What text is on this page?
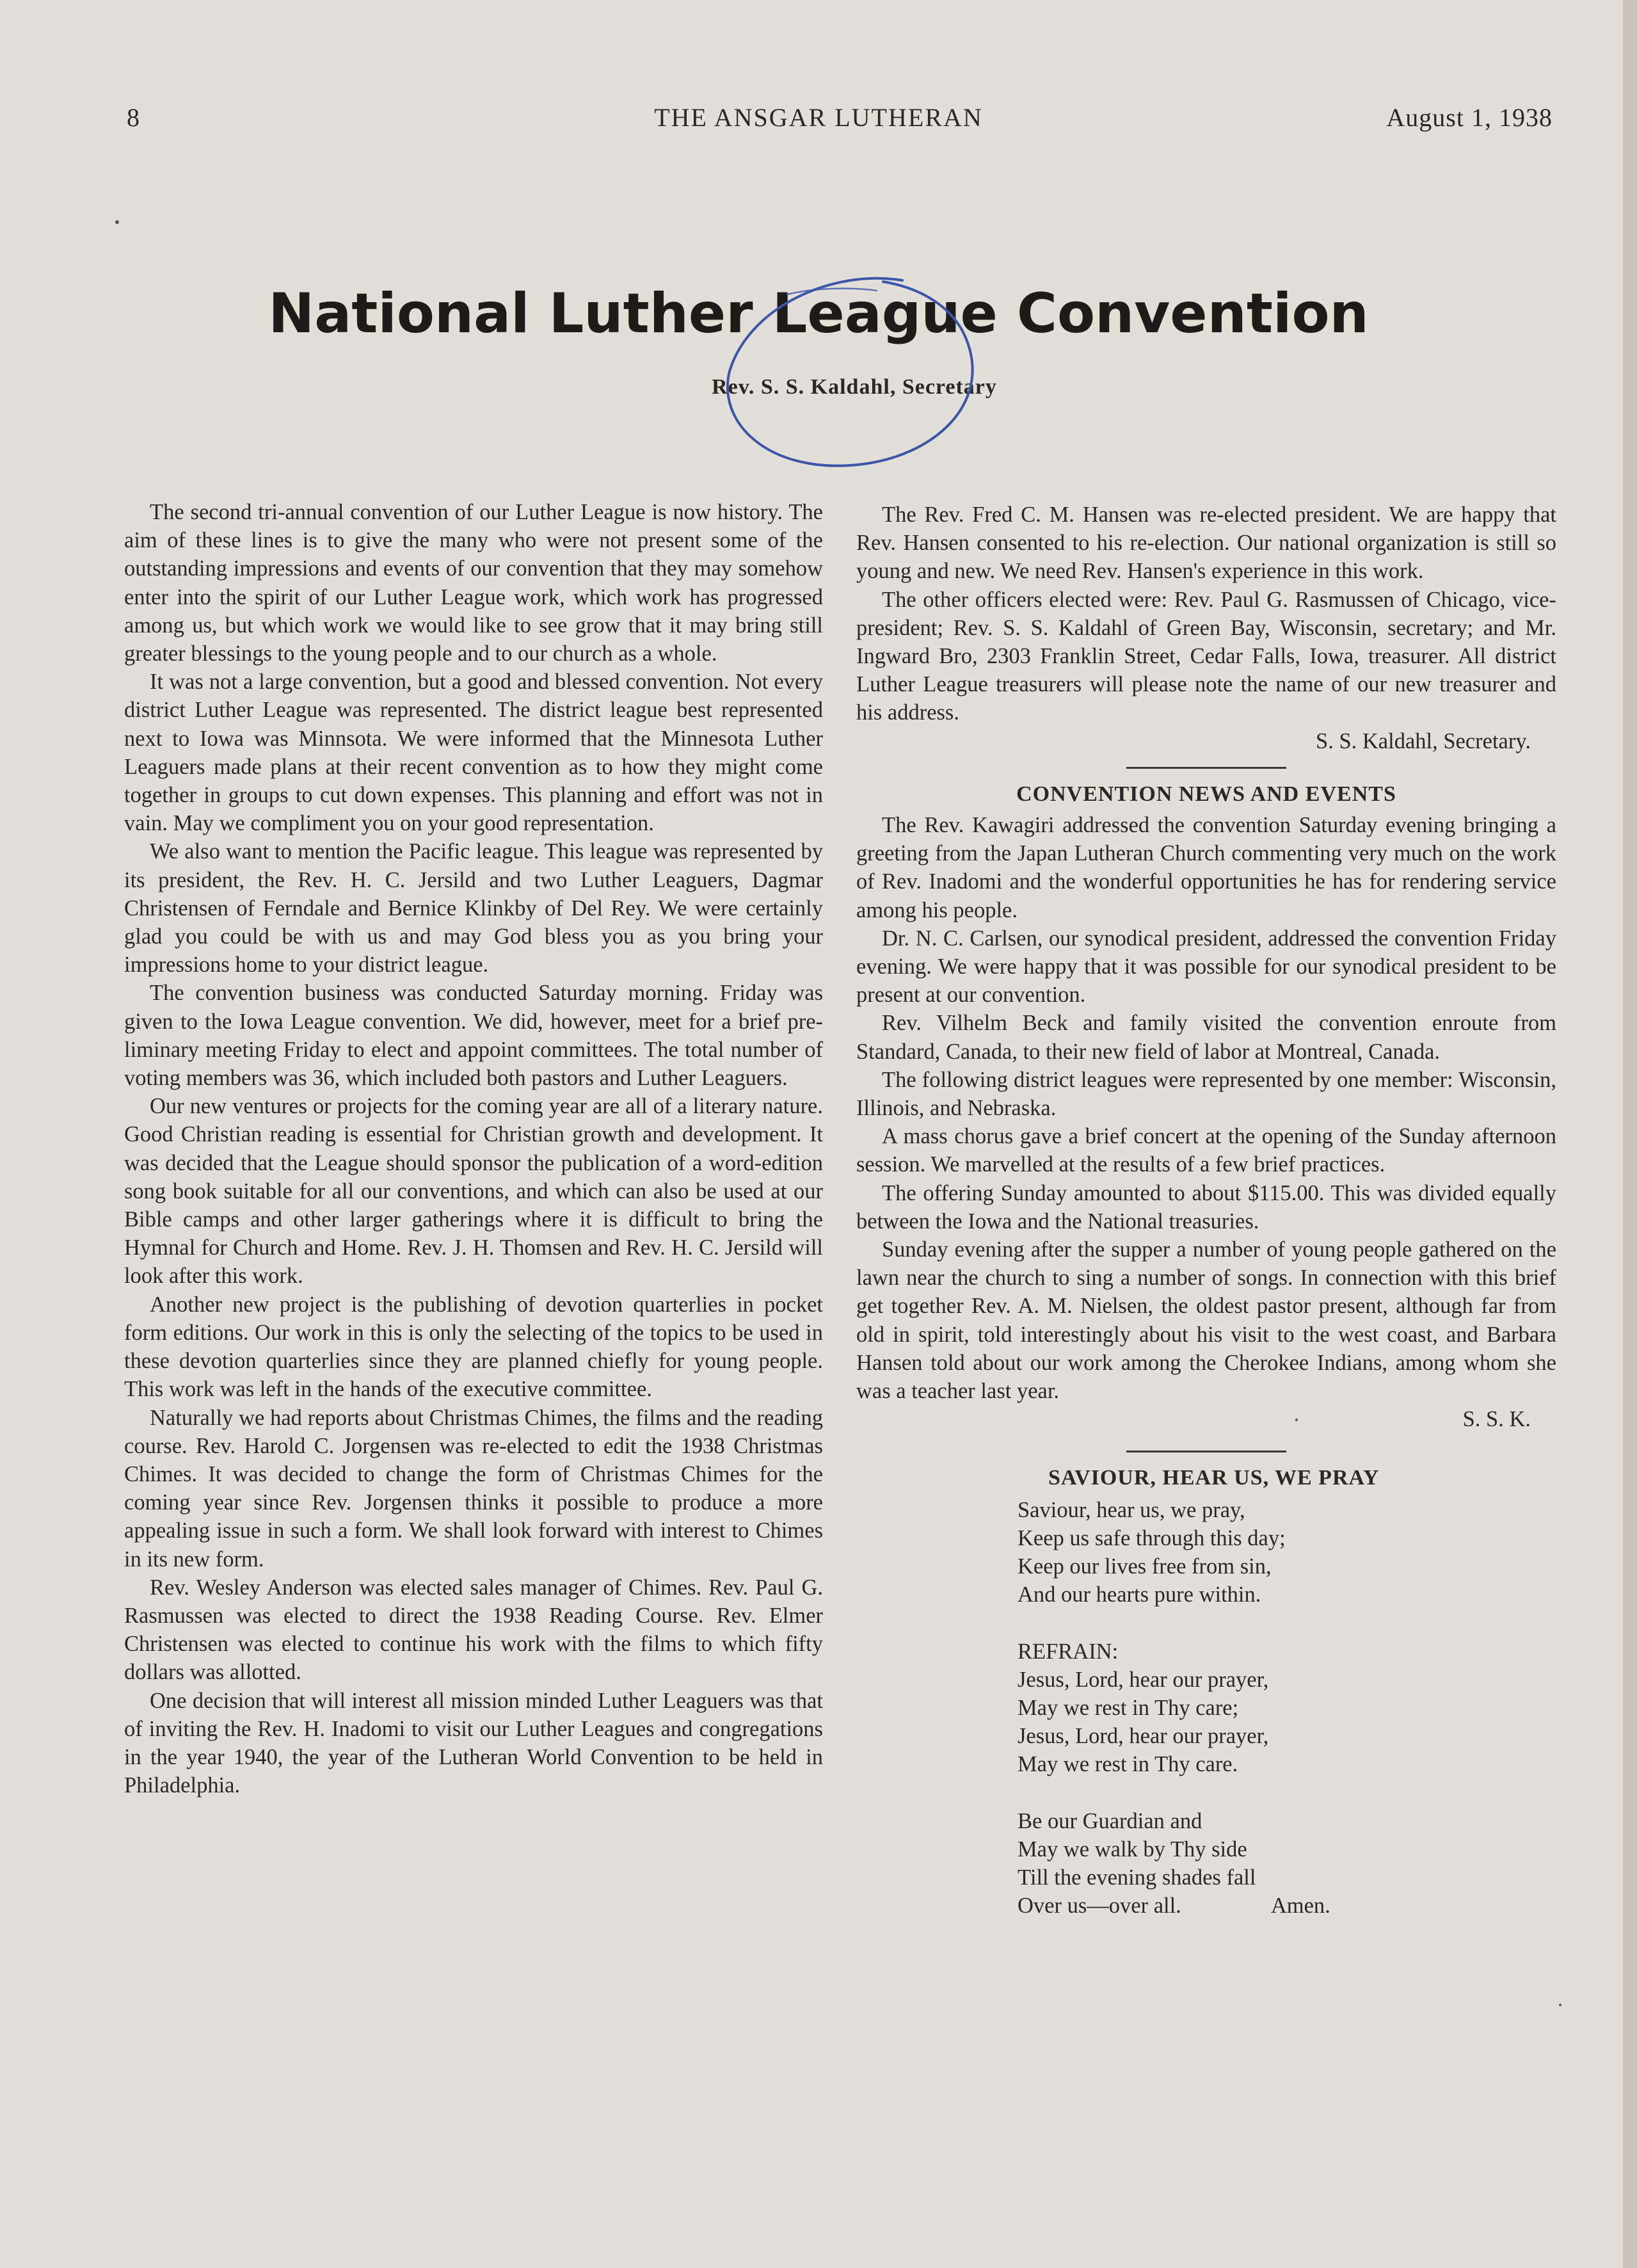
8	THE ANSGAR LUTHERAN	August 1, 1938
National Luther League Convention
Rev. S. S. Kaldahl, Secretary

The second tri-annual convention of our Luther League is now history. The aim of these lines is to give the many who were not present some of the outstanding impressions and events of our convention that they may somehow enter into the spirit of our Luther League work, which work has progressed among us, but which work we would like to see grow that it may bring still greater blessings to the young people and to our church as a whole.

It was not a large convention, but a good and blessed convention. Not every district Luther League was represented. The district league best represented next to Iowa was Minnsota. We were informed that the Minnesota Luther Leaguers made plans at their recent convention as to how they might come together in groups to cut down expenses. This planning and effort was not in vain. May we compliment you on your good representation.

We also want to mention the Pacific league. This league was represented by its president, the Rev. H. C. Jersild and two Luther Leaguers, Dagmar Christensen of Ferndale and Bernice Klinkby of Del Rey. We were certainly glad you could be with us and may God bless you as you bring your impressions home to your district league.

The convention business was conducted Saturday morning. Friday was given to the Iowa League convention. We did, however, meet for a brief pre-liminary meeting Friday to elect and appoint committees. The total number of voting members was 36, which included both pastors and Luther Leaguers.

Our new ventures or projects for the coming year are all of a literary nature. Good Christian reading is essential for Christian growth and development. It was decided that the League should sponsor the publication of a word-edition song book suitable for all our conventions, and which can also be used at our Bible camps and other larger gatherings where it is difficult to bring the Hymnal for Church and Home. Rev. J. H. Thomsen and Rev. H. C. Jersild will look after this work.

Another new project is the publishing of devotion quarterlies in pocket form editions. Our work in this is only the selecting of the topics to be used in these devotion quarterlies since they are planned chiefly for young people. This work was left in the hands of the executive committee.

Naturally we had reports about Christmas Chimes, the films and the reading course. Rev. Harold C. Jorgensen was re-elected to edit the 1938 Christmas Chimes. It was decided to change the form of Christmas Chimes for the coming year since Rev. Jorgensen thinks it possible to produce a more appealing issue in such a form. We shall look forward with interest to Chimes in its new form.

Rev. Wesley Anderson was elected sales manager of Chimes. Rev. Paul G. Rasmussen was elected to direct the 1938 Reading Course. Rev. Elmer Christensen was elected to continue his work with the films to which fifty dollars was allotted.

One decision that will interest all mission minded Luther Leaguers was that of inviting the Rev. H. Inadomi to visit our Luther Leagues and congregations in the year 1940, the year of the Lutheran World Convention to be held in Philadelphia.

The Rev. Fred C. M. Hansen was re-elected president. We are happy that Rev. Hansen consented to his re-election. Our national organization is still so young and new. We need Rev. Hansen's experience in this work.

The other officers elected were: Rev. Paul G. Rasmussen of Chicago, vice-president; Rev. S. S. Kaldahl of Green Bay, Wisconsin, secretary; and Mr. Ingward Bro, 2303 Franklin Street, Cedar Falls, Iowa, treasurer. All district Luther League treasurers will please note the name of our new treasurer and his address.

S. S. Kaldahl, Secretary.
CONVENTION NEWS AND EVENTS

The Rev. Kawagiri addressed the convention Saturday evening bringing a greeting from the Japan Lutheran Church commenting very much on the work of Rev. Inadomi and the wonderful opportunities he has for rendering service among his people.

Dr. N. C. Carlsen, our synodical president, addressed the convention Friday evening. We were happy that it was possible for our synodical president to be present at our convention.

Rev. Vilhelm Beck and family visited the convention enroute from Standard, Canada, to their new field of labor at Montreal, Canada.

The following district leagues were represented by one member: Wisconsin, Illinois, and Nebraska.

A mass chorus gave a brief concert at the opening of the Sunday afternoon session. We marvelled at the results of a few brief practices.

The offering Sunday amounted to about $115.00. This was divided equally between the Iowa and the National treasuries.

Sunday evening after the supper a number of young people gathered on the lawn near the church to sing a number of songs. In connection with this brief get together Rev. A. M. Nielsen, the oldest pastor present, although far from old in spirit, told interestingly about his visit to the west coast, and Barbara Hansen told about our work among the Cherokee Indians, among whom she was a teacher last year.

S. S. K.
SAVIOUR, HEAR US, WE PRAY
Saviour, hear us, we pray,
Keep us safe through this day;
Keep our lives free from sin,
And our hearts pure within.
REFRAIN:
Jesus, Lord, hear our prayer,
May we rest in Thy care;
Jesus, Lord, hear our prayer,
May we rest in Thy care.
Be our Guardian and
May we walk by Thy side
Till the evening shades fall
Over us—over all.	Amen.
